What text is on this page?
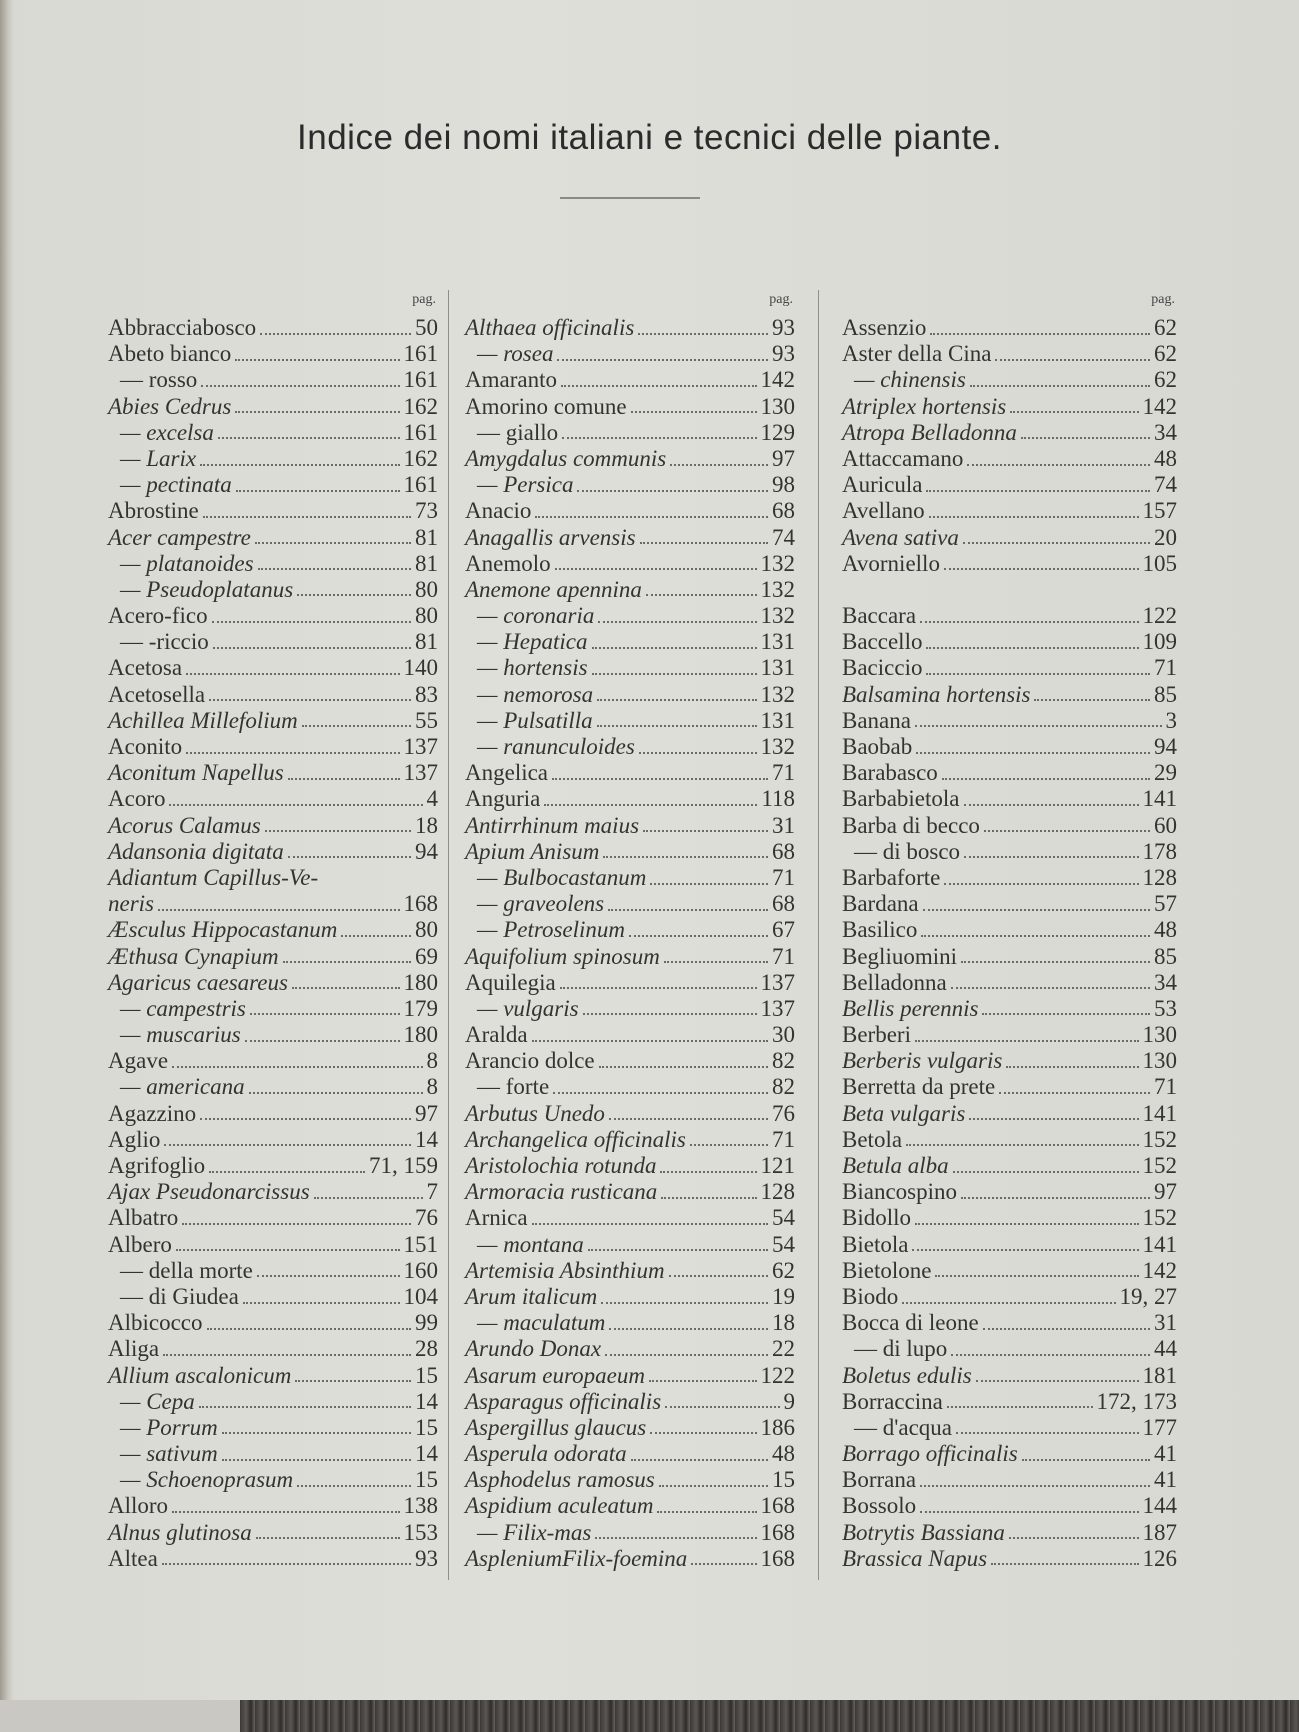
Indice dei nomi italiani e tecnici delle piante.
pag.
Abbracciabosco	50
Abeto bianco	161
— rosso	161
Abies Cedrus	162
— excelsa	161
— Larix	162
— pectinata	161
Abrostine	73
Acer campestre	81
— platanoides	81
— Pseudoplatanus	80
Acero-fico	80
— -riccio	81
Acetosa	140
Acetosella	83
Achillea Millefolium	55
Aconito	137
Aconitum Napellus	137
Acoro	4
Acorus Calamus	18
Adansonia digitata	94
Adiantum Capillus-Ve-
neris	168
Æsculus Hippocastanum	80
Æthusa Cynapium	69
Agaricus caesareus	180
— campestris	179
— muscarius	180
Agave	8
— americana	8
Agazzino	97
Aglio	14
Agrifoglio	71, 159
Ajax Pseudonarcissus	7
Albatro	76
Albero	151
— della morte	160
— di Giudea	104
Albicocco	99
Aliga	28
Allium ascalonicum	15
— Cepa	14
— Porrum	15
— sativum	14
— Schoenoprasum	15
Alloro	138
Alnus glutinosa	153
Altea	93
pag.
Althaea officinalis	93
— rosea	93
Amaranto	142
Amorino comune	130
— giallo	129
Amygdalus communis	97
— Persica	98
Anacio	68
Anagallis arvensis	74
Anemolo	132
Anemone apennina	132
— coronaria	132
— Hepatica	131
— hortensis	131
— nemorosa	132
— Pulsatilla	131
— ranunculoides	132
Angelica	71
Anguria	118
Antirrhinum maius	31
Apium Anisum	68
— Bulbocastanum	71
— graveolens	68
— Petroselinum	67
Aquifolium spinosum	71
Aquilegia	137
— vulgaris	137
Aralda	30
Arancio dolce	82
— forte	82
Arbutus Unedo	76
Archangelica officinalis	71
Aristolochia rotunda	121
Armoracia rusticana	128
Arnica	54
— montana	54
Artemisia Absinthium	62
Arum italicum	19
— maculatum	18
Arundo Donax	22
Asarum europaeum	122
Asparagus officinalis	9
Aspergillus glaucus	186
Asperula odorata	48
Asphodelus ramosus	15
Aspidium aculeatum	168
— Filix-mas	168
AspleniumFilix-foemina	168
pag.
Assenzio	62
Aster della Cina	62
— chinensis	62
Atriplex hortensis	142
Atropa Belladonna	34
Attaccamano	48
Auricula	74
Avellano	157
Avena sativa	20
Avorniello	105
Baccara	122
Baccello	109
Baciccio	71
Balsamina hortensis	85
Banana	3
Baobab	94
Barabasco	29
Barbabietola	141
Barba di becco	60
— di bosco	178
Barbaforte	128
Bardana	57
Basilico	48
Begliuomini	85
Belladonna	34
Bellis perennis	53
Berberi	130
Berberis vulgaris	130
Berretta da prete	71
Beta vulgaris	141
Betola	152
Betula alba	152
Biancospino	97
Bidollo	152
Bietola	141
Bietolone	142
Biodo	19, 27
Bocca di leone	31
— di lupo	44
Boletus edulis	181
Borraccina	172, 173
— d'acqua	177
Borrago officinalis	41
Borrana	41
Bossolo	144
Botrytis Bassiana	187
Brassica Napus	126
